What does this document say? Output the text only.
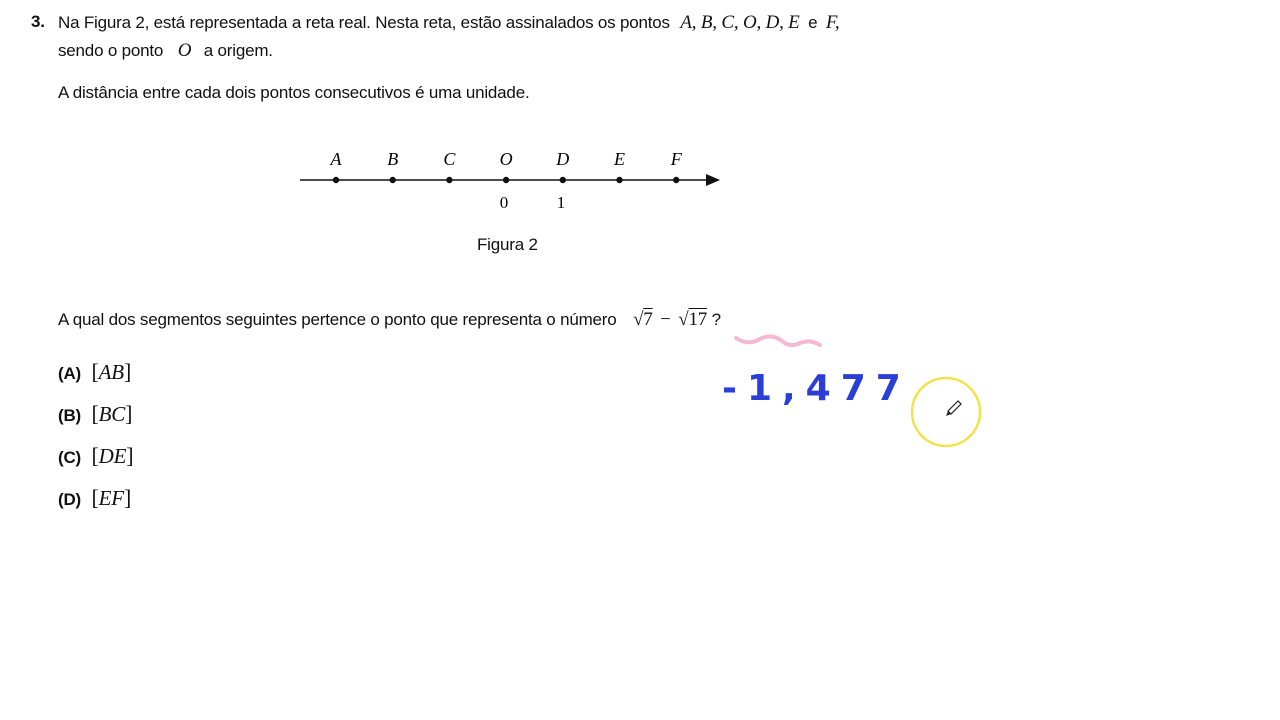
3. Na Figura 2, está representada a reta real. Nesta reta, estão assinalados os pontos A, B, C, O, D, E e F,
sendo o ponto O a origem.
A distância entre cada dois pontos consecutivos é uma unidade.
A	B	C O D E	F
0	1
Figura 2
A qual dos segmentos seguintes pertence o ponto que representa o número √7 − √17 ?
(A) [AB]
(B) [BC]
(C) [DE]
(D) [EF]
-1,477
